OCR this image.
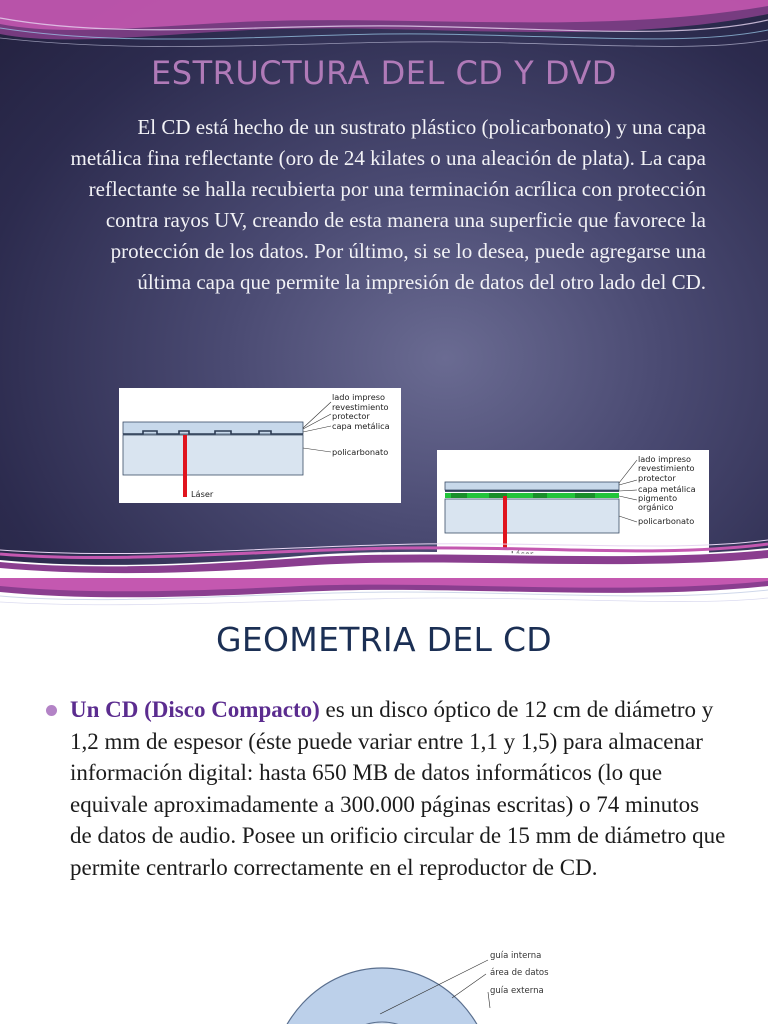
ESTRUCTURA DEL CD Y DVD

El CD está hecho de un sustrato plástico (policarbonato) y una capa metálica fina reflectante (oro de 24 kilates o una aleación de plata). La capa reflectante se halla recubierta por una terminación acrílica con protección contra rayos UV, creando de esta manera una superficie que favorece la protección de los datos. Por último, si se lo desea, puede agregarse una última capa que permite la impresión de datos del otro lado del CD.

lado impreso
revestimiento
protector
capa metálica
policarbonato
Láser
lado impreso
revestimiento
protector
capa metálica
pigmento
orgánico
policarbonato
GEOMETRIA DEL CD

Un CD (Disco Compacto) es un disco óptico de 12 cm de diámetro y 1,2 mm de espesor (éste puede variar entre 1,1 y 1,5) para almacenar información digital: hasta 650 MB de datos informáticos (lo que equivale aproximadamente a 300.000 páginas escritas) o 74 minutos de datos de audio. Posee un orificio circular de 15 mm de diámetro que permite centrarlo correctamente en el reproductor de CD.

guía interna
área de datos
guía externa
